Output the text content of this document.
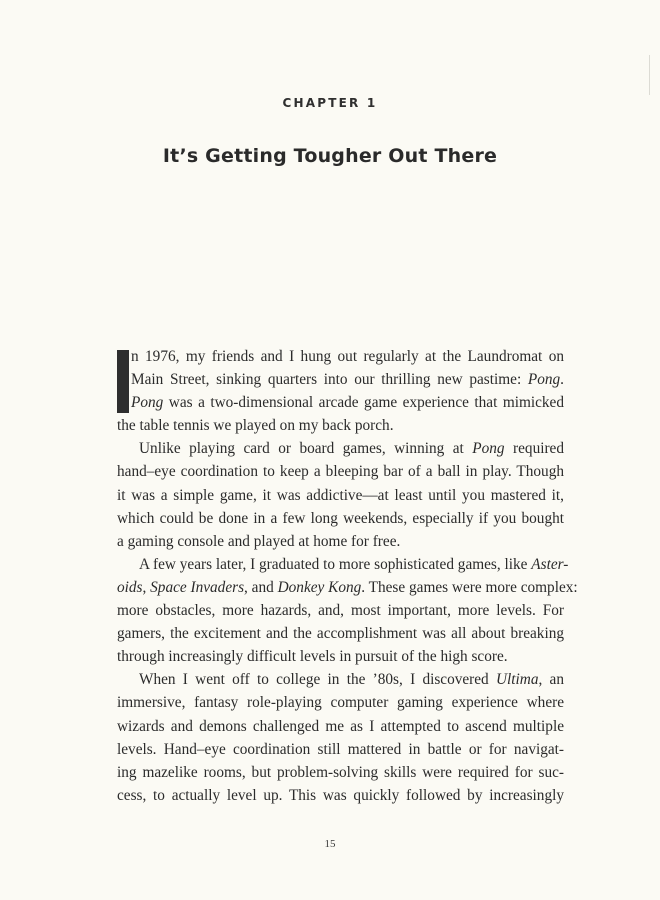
CHAPTER 1
It’s Getting Tougher Out There
n 1976, my friends and I hung out regularly at the Laundromat on
Main Street, sinking quarters into our thrilling new pastime: Pong.
Pong was a two-dimensional arcade game experience that mimicked
the table tennis we played on my back porch.
Unlike playing card or board games, winning at Pong required
hand–eye coordination to keep a bleeping bar of a ball in play. Though
it was a simple game, it was addictive—at least until you mastered it,
which could be done in a few long weekends, especially if you bought
a gaming console and played at home for free.
A few years later, I graduated to more sophisticated games, like Aster-
oids, Space Invaders, and Donkey Kong. These games were more complex:
more obstacles, more hazards, and, most important, more levels. For
gamers, the excitement and the accomplishment was all about breaking
through increasingly difficult levels in pursuit of the high score.
When I went off to college in the ’80s, I discovered Ultima, an
immersive, fantasy role-playing computer gaming experience where
wizards and demons challenged me as I attempted to ascend multiple
levels. Hand–eye coordination still mattered in battle or for navigat-
ing mazelike rooms, but problem-solving skills were required for suc-
cess, to actually level up. This was quickly followed by increasingly
15
